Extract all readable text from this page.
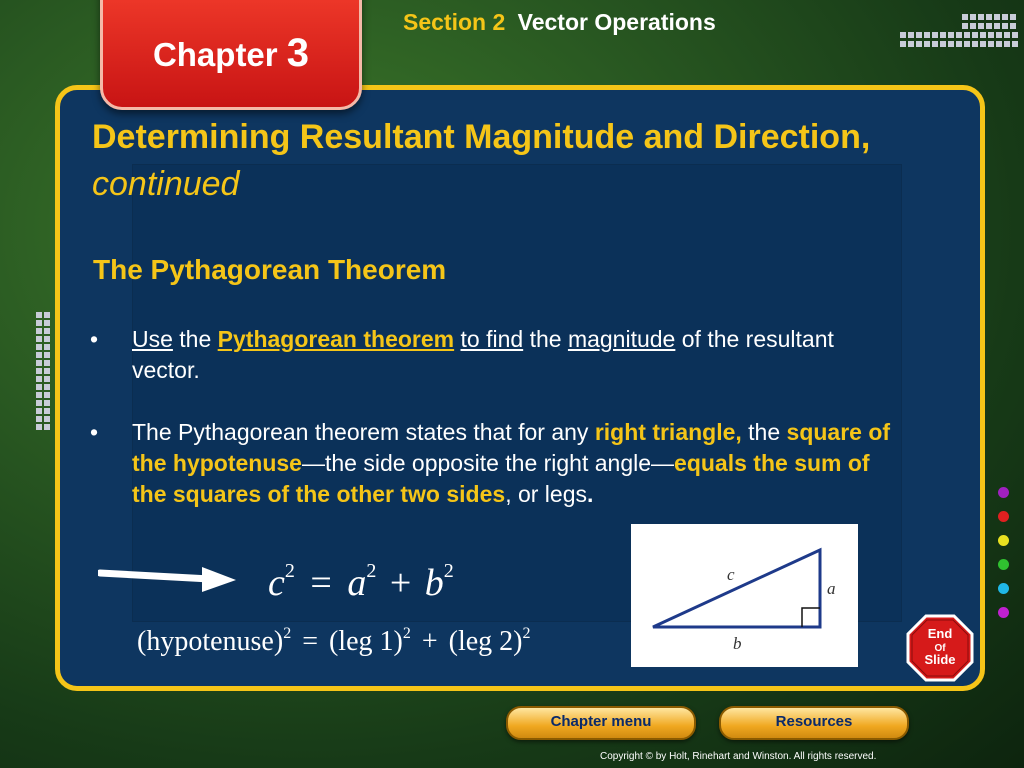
Chapter 3
Section 2 Vector Operations
Determining Resultant Magnitude and Direction, continued
The Pythagorean Theorem
• Use the Pythagorean theorem to find the magnitude of the resultant vector.
• The Pythagorean theorem states that for any right triangle, the square of the hypotenuse—the side opposite the right angle—equals the sum of the squares of the other two sides, or legs.
$c^2 = a^2 + b^2$
(hypotenuse)$^2$ = (leg 1)$^2$ + (leg 2)$^2$
c
a
b
End
Of
Slide
Chapter menu	Resources
Copyright © by Holt, Rinehart and Winston. All rights reserved.
